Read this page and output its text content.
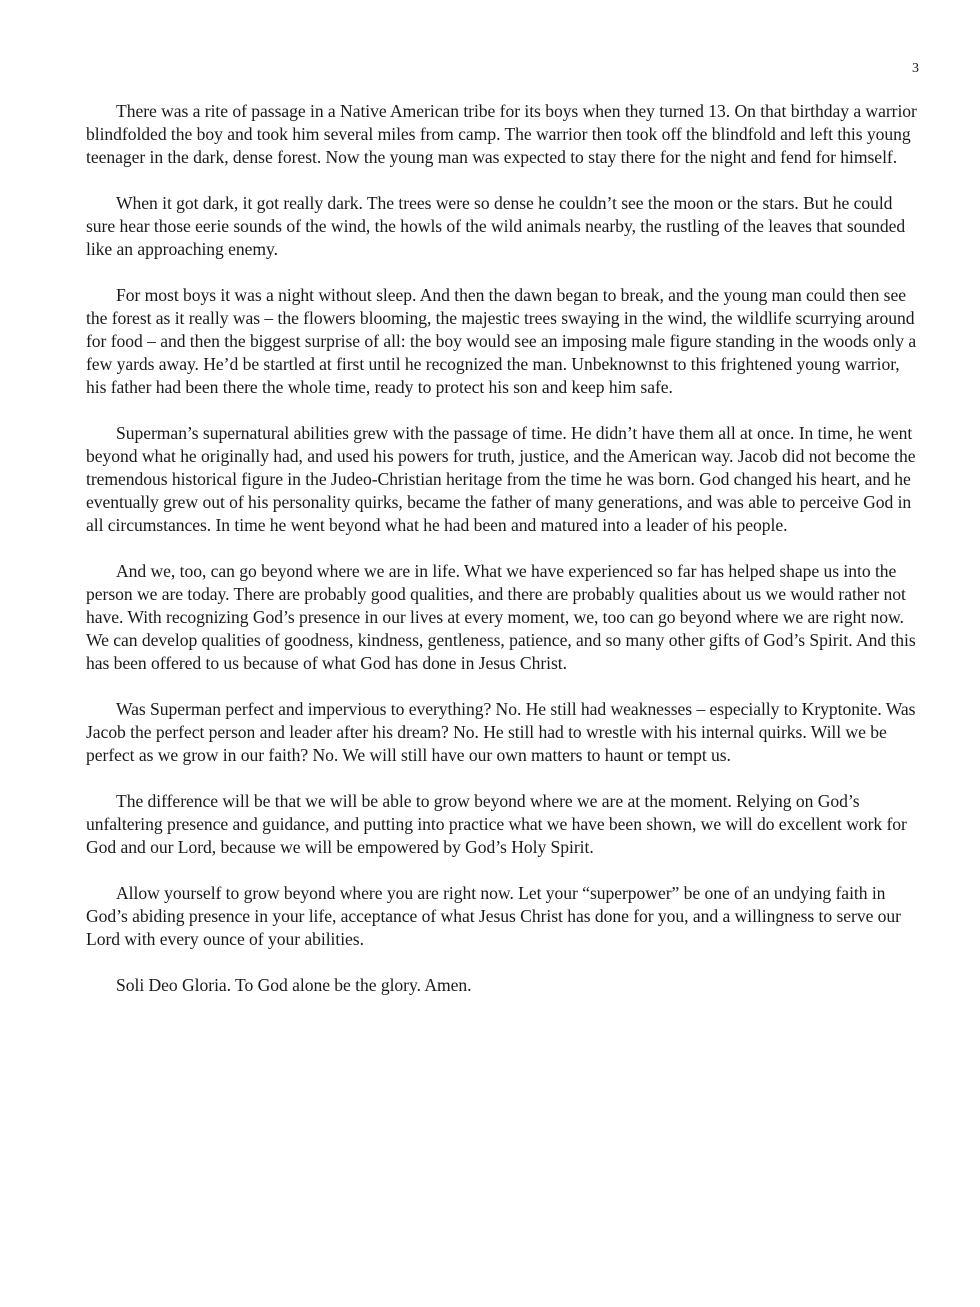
3

There was a rite of passage in a Native American tribe for its boys when they turned 13. On that birthday a warrior blindfolded the boy and took him several miles from camp. The warrior then took off the blindfold and left this young teenager in the dark, dense forest. Now the young man was expected to stay there for the night and fend for himself.

When it got dark, it got really dark. The trees were so dense he couldn’t see the moon or the stars. But he could sure hear those eerie sounds of the wind, the howls of the wild animals nearby, the rustling of the leaves that sounded like an approaching enemy.

For most boys it was a night without sleep. And then the dawn began to break, and the young man could then see the forest as it really was – the flowers blooming, the majestic trees swaying in the wind, the wildlife scurrying around for food – and then the biggest surprise of all: the boy would see an imposing male figure standing in the woods only a few yards away. He’d be startled at first until he recognized the man. Unbeknownst to this frightened young warrior, his father had been there the whole time, ready to protect his son and keep him safe.

Superman’s supernatural abilities grew with the passage of time. He didn’t have them all at once. In time, he went beyond what he originally had, and used his powers for truth, justice, and the American way. Jacob did not become the tremendous historical figure in the Judeo-Christian heritage from the time he was born. God changed his heart, and he eventually grew out of his personality quirks, became the father of many generations, and was able to perceive God in all circumstances. In time he went beyond what he had been and matured into a leader of his people.

And we, too, can go beyond where we are in life. What we have experienced so far has helped shape us into the person we are today. There are probably good qualities, and there are probably qualities about us we would rather not have. With recognizing God’s presence in our lives at every moment, we, too can go beyond where we are right now. We can develop qualities of goodness, kindness, gentleness, patience, and so many other gifts of God’s Spirit. And this has been offered to us because of what God has done in Jesus Christ.

Was Superman perfect and impervious to everything? No. He still had weaknesses – especially to Kryptonite. Was Jacob the perfect person and leader after his dream? No. He still had to wrestle with his internal quirks. Will we be perfect as we grow in our faith? No. We will still have our own matters to haunt or tempt us.

The difference will be that we will be able to grow beyond where we are at the moment. Relying on God’s unfaltering presence and guidance, and putting into practice what we have been shown, we will do excellent work for God and our Lord, because we will be empowered by God’s Holy Spirit.

Allow yourself to grow beyond where you are right now. Let your “superpower” be one of an undying faith in God’s abiding presence in your life, acceptance of what Jesus Christ has done for you, and a willingness to serve our Lord with every ounce of your abilities.

Soli Deo Gloria. To God alone be the glory. Amen.
